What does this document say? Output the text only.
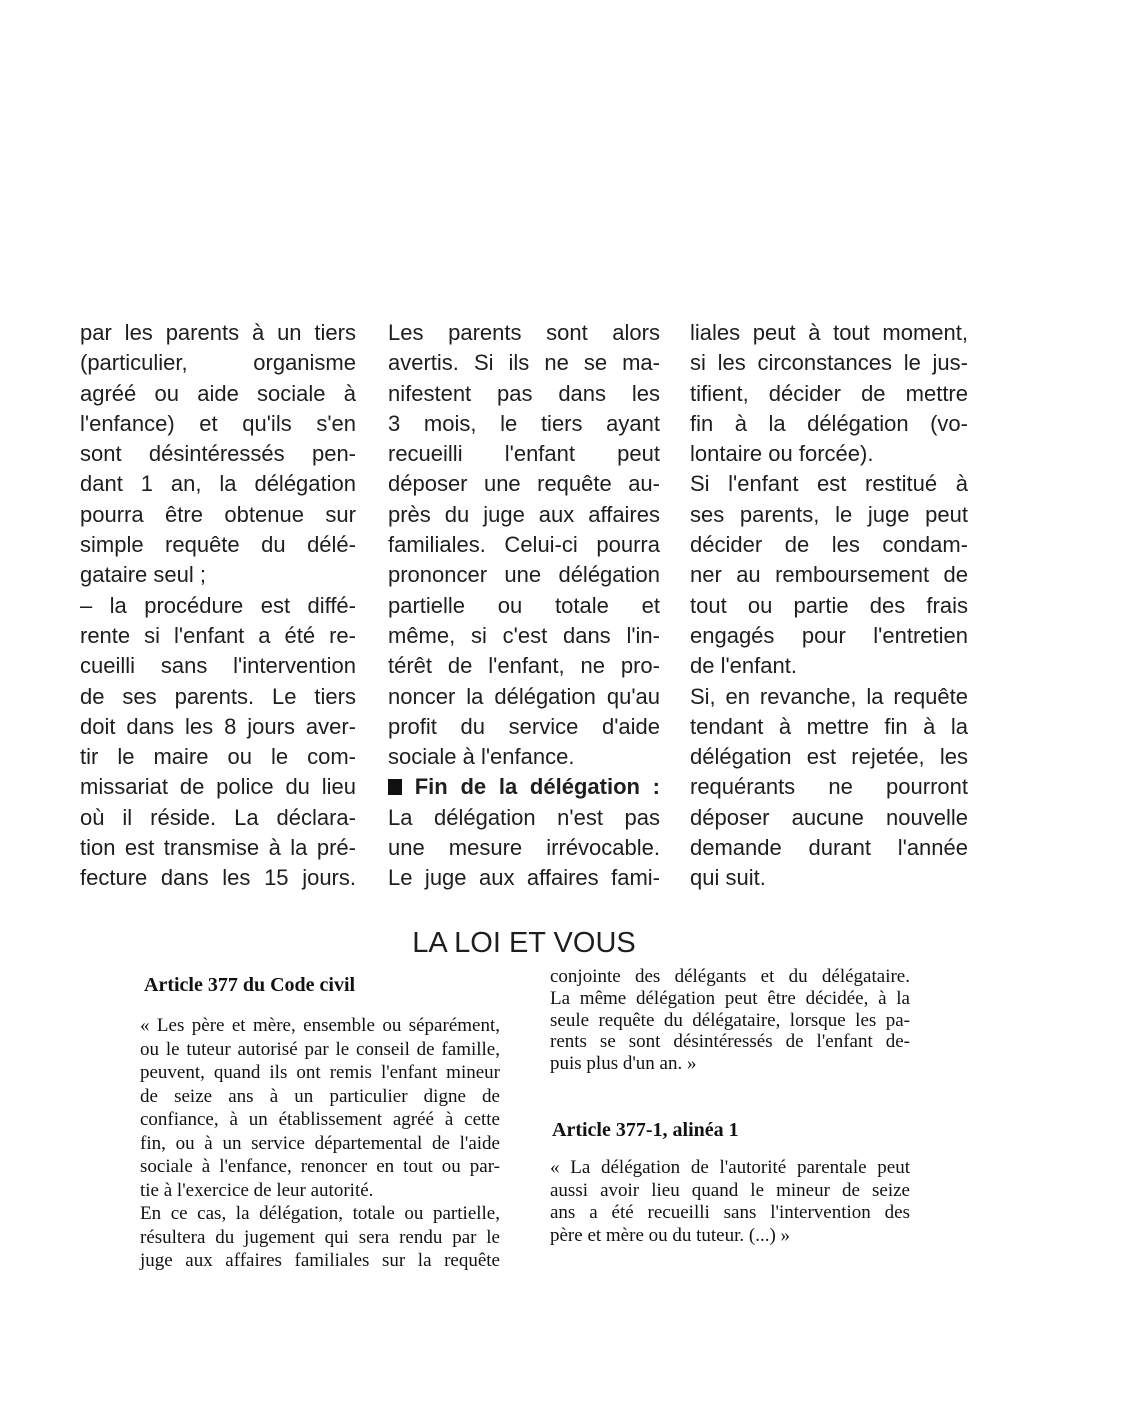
par les parents à un tiers
(particulier, organisme
agréé ou aide sociale à
l'enfance) et qu'ils s'en
sont désintéressés pen-
dant 1 an, la délégation
pourra être obtenue sur
simple requête du délé-
gataire seul ;
– la procédure est diffé-
rente si l'enfant a été re-
cueilli sans l'intervention
de ses parents. Le tiers
doit dans les 8 jours aver-
tir le maire ou le com-
missariat de police du lieu
où il réside. La déclara-
tion est transmise à la pré-
fecture dans les 15 jours.
Les parents sont alors
avertis. Si ils ne se ma-
nifestent pas dans les
3 mois, le tiers ayant
recueilli l'enfant peut
déposer une requête au-
près du juge aux affaires
familiales. Celui-ci pourra
prononcer une délégation
partielle ou totale et
même, si c'est dans l'in-
térêt de l'enfant, ne pro-
noncer la délégation qu'au
profit du service d'aide
sociale à l'enfance.
Fin de la délégation :
La délégation n'est pas
une mesure irrévocable.
Le juge aux affaires fami-
liales peut à tout moment,
si les circonstances le jus-
tifient, décider de mettre
fin à la délégation (vo-
lontaire ou forcée).
Si l'enfant est restitué à
ses parents, le juge peut
décider de les condam-
ner au remboursement de
tout ou partie des frais
engagés pour l'entretien
de l'enfant.
Si, en revanche, la requête
tendant à mettre fin à la
délégation est rejetée, les
requérants ne pourront
déposer aucune nouvelle
demande durant l'année
qui suit.
LA LOI ET VOUS
Article 377 du Code civil
« Les père et mère, ensemble ou séparément,
ou le tuteur autorisé par le conseil de famille,
peuvent, quand ils ont remis l'enfant mineur
de seize ans à un particulier digne de
confiance, à un établissement agréé à cette
fin, ou à un service départemental de l'aide
sociale à l'enfance, renoncer en tout ou par-
tie à l'exercice de leur autorité.
En ce cas, la délégation, totale ou partielle,
résultera du jugement qui sera rendu par le
juge aux affaires familiales sur la requête
conjointe des délégants et du délégataire.
La même délégation peut être décidée, à la
seule requête du délégataire, lorsque les pa-
rents se sont désintéressés de l'enfant de-
puis plus d'un an. »
Article 377-1, alinéa 1
« La délégation de l'autorité parentale peut
aussi avoir lieu quand le mineur de seize
ans a été recueilli sans l'intervention des
père et mère ou du tuteur. (...) »
